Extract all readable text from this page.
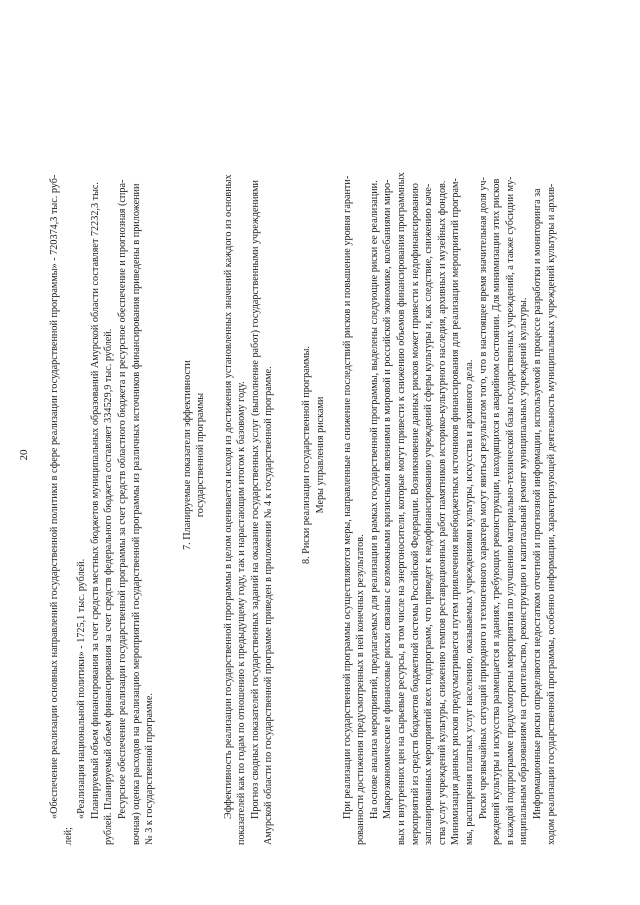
20 «Обеспечение реализации основных направлений государственной политики в сфере реализации государственной программы» - 720374,3 тыс. руб-
лей;
«Реализация национальной политики» - 1725,1 тыс. рублей. Планируемый объем финансирования за счет средств местных бюджетов муниципальных образований Амурской области составляет 72232,3 тыс. рублей. Планируемый объем финансирования за счет средств федерального бюджета составляет 334529,9 тыс. рублей. Ресурсное обеспечение реализации государственной программы за счет средств областного бюджета и ресурсное обеспечение и прогнозная (спра- вочная) оценка расходов на реализацию мероприятий государственной программы из различных источников финансирования приведены в приложении № 3 к государственной программе.
7. Планируемые показатели эффективности государственной программы Эффективность реализации государственной программы в целом оценивается исходя из достижения установленных значений каждого из основных показателей как по годам по отношению к предыдущему году, так и нарастающим итогом к базовому году. Прогноз сводных показателей государственных заданий на оказание государственных услуг (выполнение работ) государственными учреждениями Амурской области по государственной программе приведен в приложении № 4 к государственной программе.	8. Риски реализации государственной программы. Меры управления рисками При реализации государственной программы осуществляются меры, направленные на снижение последствий рисков и повышение уровня гаранти- рованности достижения предусмотренных в ней конечных результатов. На основе анализа мероприятий, предлагаемых для реализации в рамках государственной программы, выделены следующие риски ее реализации. Макроэкономические и финансовые риски связаны с возможными кризисными явлениями в мировой и российской экономике, колебаниями миро- вых и внутренних цен на сырьевые ресурсы, в том числе на энергоносители, которые могут привести к снижению объемов финансирования программных мероприятий из средств бюджетов бюджетной системы Российской Федерации. Возникновение данных рисков может привести к недофинансированию запланированных мероприятий всех подпрограмм, что приведет к недофинансированию учреждений сферы культуры и, как следствие, снижению каче- ства услуг учреждений культуры, снижению темпов реставрационных работ памятников историко-культурного наследия, архивных и музейных фондов. Минимизация данных рисков предусматривается путем привлечения внебюджетных источников финансирования для реализации мероприятий програм- мы, расширения платных услуг населению, оказываемых учреждениями культуры, искусства и архивного дела. Риски чрезвычайных ситуаций природного и техногенного характера могут явиться результатом того, что в настоящее время значительная доля уч- реждений культуры и искусства размещается в зданиях, требующих реконструкции, находящихся в аварийном состоянии. Для минимизации этих рисков в каждой подпрограмме предусмотрены мероприятия по улучшению материально-технической базы государственных учреждений, а также субсидии му- ниципальным образованиям на строительство, реконструкцию и капитальный ремонт муниципальных учреждений культуры. Информационные риски определяются недостатком отчетной и прогнозной информации, используемой в процессе разработки и мониторинга за ходом реализации государственной программы, особенно информации, характеризующей деятельность муниципальных учреждений культуры и архив-
